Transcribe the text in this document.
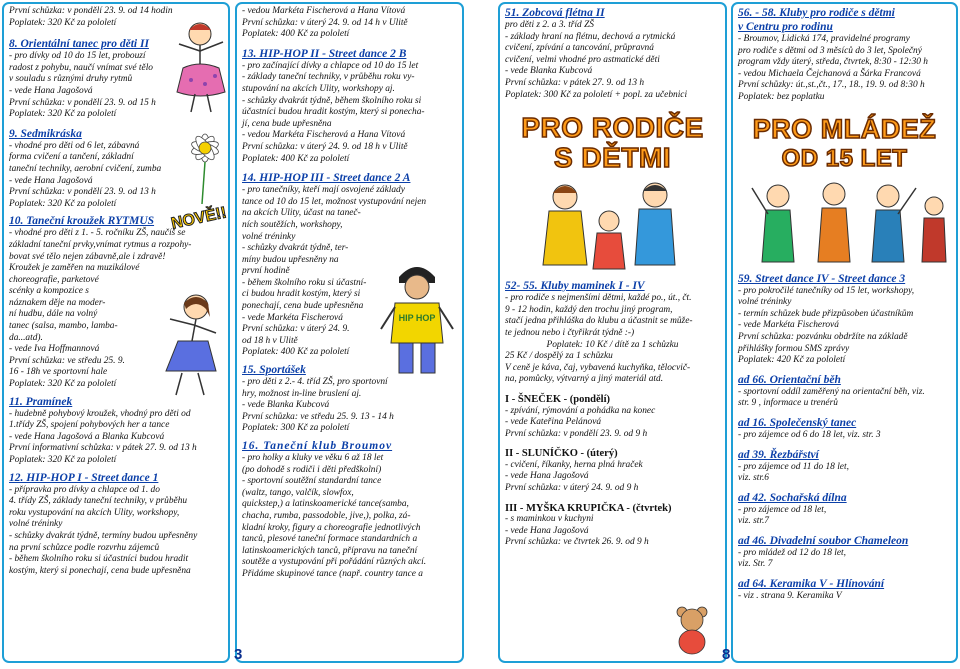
První schůzka: v pondělí 23. 9. od 14 hodin
Poplatek: 320 Kč za pololetí
8. Orientální tanec pro děti II
- pro dívky od 10 do 15 let, probouzí
radost z pohybu, naučí vnímat své tělo
v souladu s různými druhy rytmů
- vede Hana Jagošová
První schůzka: v pondělí 23. 9. od 15 h
Poplatek: 320 Kč za pololetí
9. Sedmikráska
- vhodné pro děti od 6 let, zábavná
forma cvičení a tančení, základní
taneční techniky, aerobní cvičení, zumba
- vede Hana Jagošová
První schůzka: v pondělí 23. 9. od 13 h
Poplatek: 320 Kč za pololetí
10. Taneční kroužek RYTMUS
- vhodné pro děti z 1. - 5. ročníku ZŠ, naučíš se
základní taneční prvky,vnímat rytmus a rozpohy-
bovat své tělo nejen zábavně,ale i zdravě!
Kroužek je zaměřen na muzikálové
choreografie, parketové
scénky a kompozice s
náznakem děje na moder-
ní hudbu, dále na volný
tanec (salsa, mambo, lamba-
da...atd).
- vede Iva Hoffmannová
První schůzka: ve středu 25. 9.
16 - 18h ve sportovní hale
Poplatek: 320 Kč za pololetí
11. Pramínek
- hudebně pohybový kroužek, vhodný pro děti od
1.třídy ZŠ, spojení pohybových her a tance
- vede Hana Jagošová a Blanka Kubcová
První informativní schůzka: v pátek 27. 9. od 13 h
Poplatek: 320 Kč za pololetí
12. HIP-HOP I - Street dance 1
- přípravka pro dívky a chlapce od 1. do
4. třídy ZŠ, základy taneční techniky, v průběhu
roku vystupování na akcích Ulity, workshopy,
volné tréninky
- schůzky dvakrát týdně, termíny budou upřesněny
na první schůzce podle rozvrhu zájemců
- během školního roku si účastníci budou hradit
kostým, který si ponechají, cena bude upřesněna
NOVĚ!!
- vedou Markéta Fischerová a Hana Vítová
První schůzka: v úterý 24. 9. od 14 h v Ulitě
Poplatek: 400 Kč za pololetí
13. HIP-HOP II - Street dance 2 B
- pro začínající dívky a chlapce od 10 do 15 let
- základy taneční techniky, v průběhu roku vy-
stupování na akcích Ulity, workshopy aj.
- schůzky dvakrát týdně, během školního roku si
účastníci budou hradit kostým, který si ponecha-
jí, cena bude upřesněna
- vedou Markéta Fischerová a Hana Vítová
První schůzka: v úterý 24. 9. od 18 h v Ulitě
Poplatek: 400 Kč za pololetí
14. HIP-HOP III - Street dance 2 A
- pro tanečníky, kteří mají osvojené základy
tance od 10 do 15 let, možnost vystupování nejen
na akcích Ulity, účast na taneč-
ních soutěžích, workshopy,
volné tréninky
- schůzky dvakrát týdně, ter-
míny budou upřesněny na
první hodině
- během školního roku si účastní-
ci budou hradit kostým, který si
ponechají, cena bude upřesněna
- vede Markéta Fischerová
První schůzka: v úterý 24. 9.
od 18 h v Ulitě
Poplatek: 400 Kč za pololetí
15. Sportášek
- pro děti z 2.- 4. tříd ZŠ, pro sportovní
hry, možnost in-line bruslení aj.
- vede Blanka Kubcová
První schůzka: ve středu 25. 9. 13 - 14 h
Poplatek: 300 Kč za pololetí
16. Taneční klub Broumov
- pro holky a kluky ve věku 6 až 18 let
(po dohodě s rodiči i děti předškolní)
- sportovní soutěžní standardní tance
(waltz, tango, valčík, slowfox,
quickstep,) a latinskoamerické tance(samba,
chacha, rumba, passodoble, jive,), polka, zá-
kladní kroky, figury a choreografie jednotlivých
tanců, plesové taneční formace standardních a
latinskoamerických tanců, přípravu na taneční
soutěže a vystupování při pořádání různých akcí.
Přidáme skupinové tance (např. country tance a
HIP HOP
3
51. Zobcová flétna II
pro děti z 2. a 3. tříd ZŠ
- základy hraní na flétnu, dechová a rytmická
cvičení, zpívání a tancování, průpravná
cvičení, velmi vhodné pro astmatické děti
- vede Blanka Kubcová
První schůzka: v pátek 27. 9. od 13 h
Poplatek: 300 Kč za pololetí + popl. za učebnici
PRO RODIČE
S DĚTMI
52- 55. Kluby maminek I - IV
- pro rodiče s nejmenšími dětmi, každé po., út., čt.
9 - 12 hodin, každý den trochu jiný program,
stačí jedna přihláška do klubu a účastnit se může-
te jednou nebo i čtyřikrát týdně :-)
Poplatek: 10 Kč / dítě za 1 schůzku
25 Kč / dospělý za 1 schůzku
V ceně je káva, čaj, vybavená kuchyňka, tělocvič-
na, pomůcky, výtvarný a jiný materiál atd.
I - ŠNEČEK - (pondělí)
- zpívání, rýmování a pohádka na konec
- vede Kateřina Pelánová
První schůzka: v pondělí 23. 9. od 9 h
II - SLUNÍČKO - (úterý)
- cvičení, říkanky, herna plná hraček
- vede Hana Jagošová
První schůzka: v úterý 24. 9. od 9 h
III - MYŠKA KRUPIČKA - (čtvrtek)
- s maminkou v kuchyni
- vede Hana Jagošová
První schůzka: ve čtvrtek 26. 9. od 9 h
8
56. - 58. Kluby pro rodiče s dětmi
v Centru pro rodinu
- Broumov, Lidická 174, pravidelné programy
pro rodiče s dětmi od 3 měsíců do 3 let, Společný
program vždy úterý, středa, čtvrtek, 8:30 - 12:30 h
- vedou Michaela Čejchanová a Šárka Francová
První schůzky: út.,st.,čt., 17., 18., 19. 9. od 8:30 h
Poplatek: bez poplatku
PRO MLÁDEŽ
OD 15 LET
59. Street dance IV - Street dance 3
- pro pokročilé tanečníky od 15 let, workshopy,
volné tréninky
- termín schůzek bude přizpůsoben účastníkům
- vede Markéta Fischerová
První schůzka: pozvánku obdržíte na základě
přihlášky formou SMS zprávy
Poplatek: 420 Kč za pololetí
ad 66. Orientační běh
- sportovní oddíl zaměřený na orientační běh, viz.
str. 9 , informace u trenérů
ad 16. Společenský tanec
- pro zájemce od 6 do 18 let, viz. str. 3
ad 39. Řezbářství
- pro zájemce od 11 do 18 let,
viz. str.6
ad 42. Sochařská dílna
- pro zájemce od 18 let,
viz. str.7
ad 46. Divadelní soubor Chameleon
- pro mládež od 12 do 18 let,
viz. Str. 7
ad 64. Keramika V - Hlínování
- viz . strana 9. Keramika V
